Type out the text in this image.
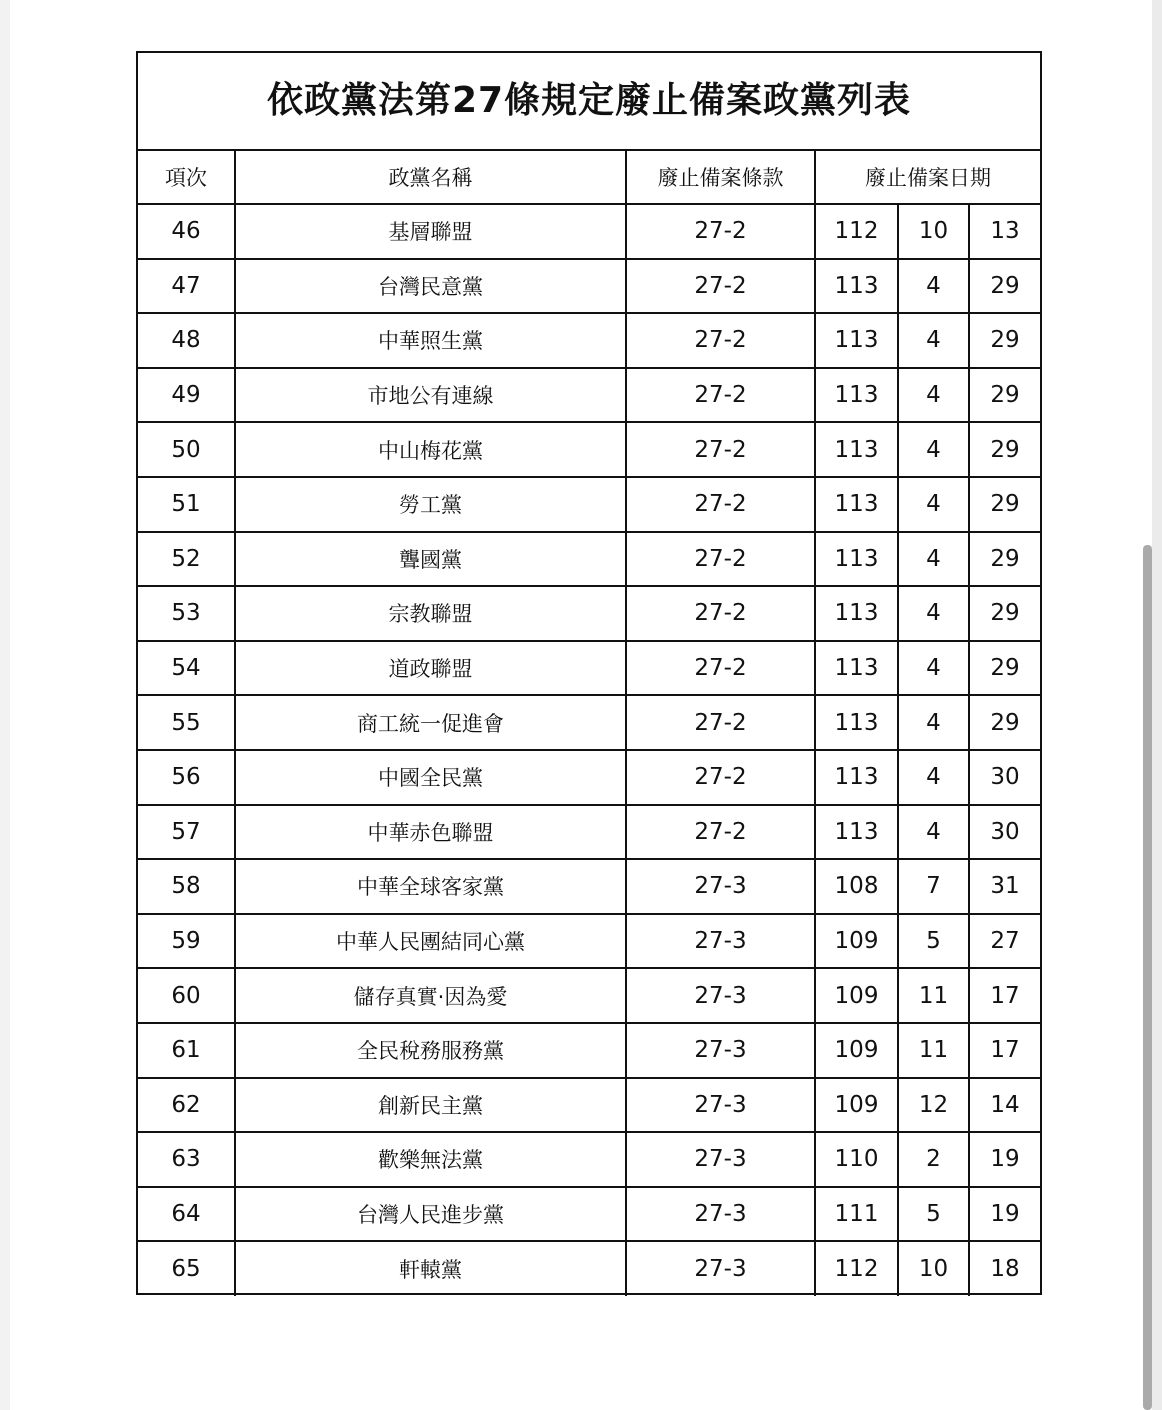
依政黨法第27條規定廢止備案政黨列表
項次	政黨名稱	廢止備案條款	廢止備案日期		
46	基層聯盟	27-2	112	10	13
47	台灣民意黨	27-2	113	4	29
48	中華照生黨	27-2	113	4	29
49	市地公有連線	27-2	113	4	29
50	中山梅花黨	27-2	113	4	29
51	勞工黨	27-2	113	4	29
52	聾國黨	27-2	113	4	29
53	宗教聯盟	27-2	113	4	29
54	道政聯盟	27-2	113	4	29
55	商工統一促進會	27-2	113	4	29
56	中國全民黨	27-2	113	4	30
57	中華赤色聯盟	27-2	113	4	30
58	中華全球客家黨	27-3	108	7	31
59	中華人民團結同心黨	27-3	109	5	27
60	儲存真實·因為愛	27-3	109	11	17
61	全民稅務服務黨	27-3	109	11	17
62	創新民主黨	27-3	109	12	14
63	歡樂無法黨	27-3	110	2	19
64	台灣人民進步黨	27-3	111	5	19
65	軒轅黨	27-3	112	10	18
